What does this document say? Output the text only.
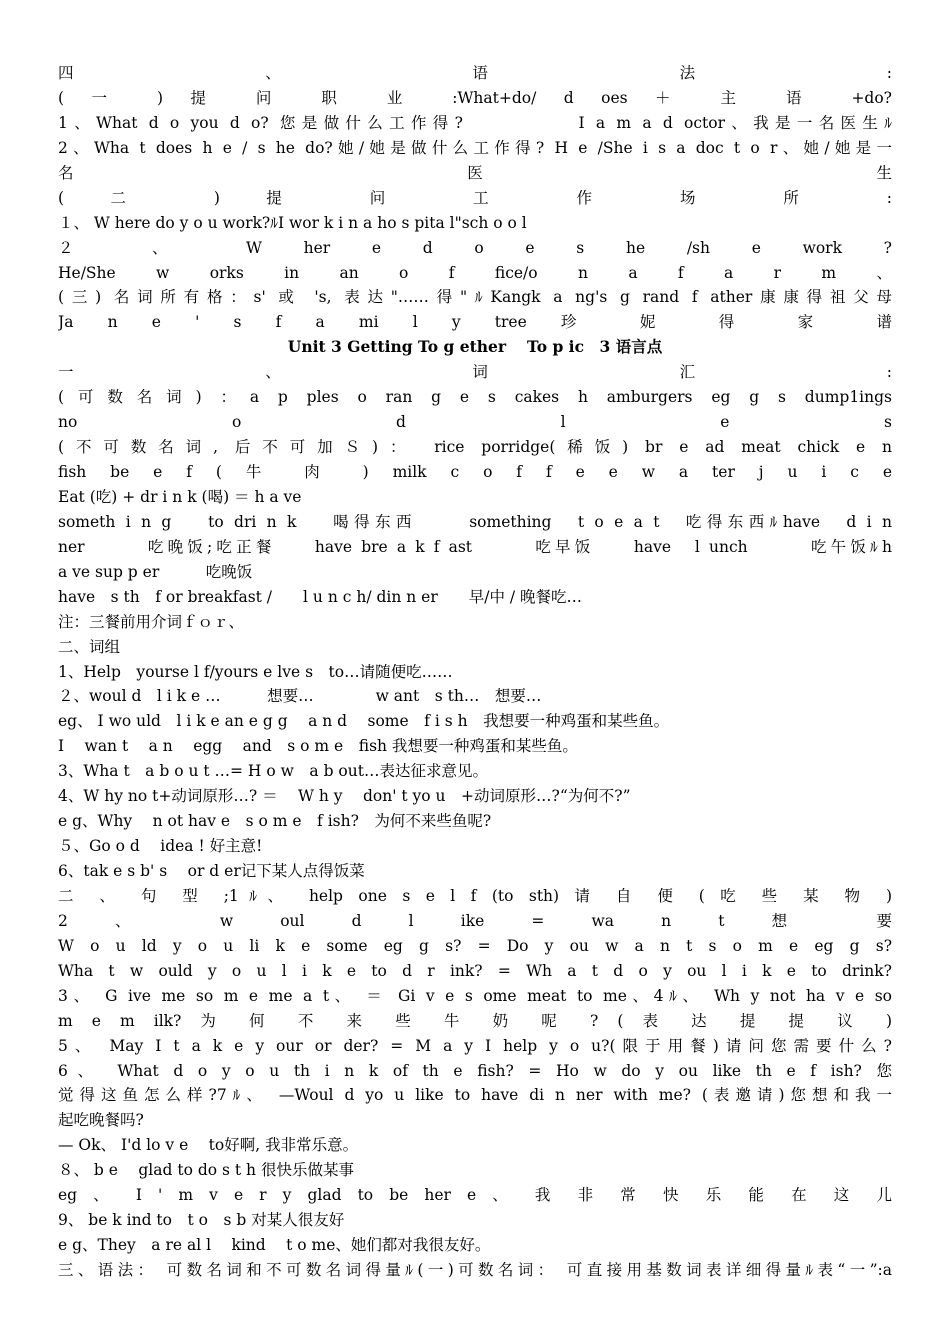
四 、 语 法 :
( 一 ) 提 问 职 业 :What+do/ d oes ＋ 主 语 +do?
1、What d o you d o? 您是做什么工作得?　　　　　I a m a d octor、我是一名医生ﾙ
2、Wha t does h e / s he do?她/她是做什么工作得? H e /She i s a doc t o r、她/她是一
名 医 生
( 二 ) 提 问 工 作 场 所 :
１、 W here do y o u work?ﾙI wor k i n a ho s pita l"sch o o l
２ 、 W her e d o e s he /sh e work ?
He/She w orks in an o f fice/o n a f a r m 、
(三) 名词所有格：s' 或 's, 表达"……得"ﾙKangk a ng's g rand f ather康康得祖父母
Ja n e ' s f a mi l y tree 珍 妮 得 家 谱
Unit 3 Getting To g ether　 To p ic　3 语言点
一 、 词 汇 :
(可数名词) ：a p ples o ran g e s cakes h amburgers eg g s dump1ings
no o d l e s
(不可数名词, 后不可加Ｓ)： rice porridge(稀饭) br e ad meat chick e n
fish be e f ( 牛 肉 ) milk c o f f e e w a ter j u i c e
Eat (吃) + dr i n k (喝) ＝ h a ve
someth i n g　 to dri n k　 喝得东西　　 something　t o e a t　吃得东西ﾙhave　d i n
ner　　　吃晚饭;吃正餐　　have bre a k f ast　　　吃早饭　　have　l unch　　　吃午饭ﾙh
a ve sup p er　　　吃晚饭
have　s th　f or breakfast /　　l u n c h/ din n er　　早/中 / 晚餐吃…
注：三餐前用介词ｆｏｒ、
二、词组
1、Help　yourse l f/yours e lve s　to…请随便吃……
２、woul d　l i k e …　　　想要…　　　　w ant　s th…　想要…
eg、 I wo uld　l i k e an e g g　 a n d　 some　f i s h　我想要一种鸡蛋和某些鱼。
I　 wan t　 a n　 egg　 and　s o m e　fish 我想要一种鸡蛋和某些鱼。
3、Wha t　a b o u t …= H o w　a b out…表达征求意见。
4、W hy no t+动词原形…? ＝　 W h y　 don' t yo u　+动词原形…?“为何不?”
e g、Why　 n ot hav e　s o m e　f ish?　为何不来些鱼呢?
５、Go o d　 idea ! 好主意!
6、tak e s b' s　 or d er记下某人点得饭菜
二 、 句 型 ;1ﾙ、 help one s e l f (to sth) 请 自 便 ( 吃 些 某 物 )
2 、 w oul d l ike = wa n t 想 要
W o u ld y o u li k e some eg g s? = Do y ou w a n t s o m e eg g s?
Wha t w ould y o u l i k e to d r ink? = Wh a t d o y ou l i k e to drink?
3、 G ive me so m e me a t、 ＝ Gi v e s ome meat to me、4ﾙ、 Wh y not ha v e so
m e m ilk? 为 何 不 来 些 牛 奶 呢 ? ( 表 达 提 提 议 )
5、 May I t a k e y our or der? = M a y I help y o u?(限于用餐)请问您需要什么?
6、 What d o y o u th i n k of th e fish? = Ho w do y ou like th e f ish? 您
觉得这鱼怎么样?7ﾙ、 —Woul d yo u like to have di n ner with me? (表邀请)您想和我一
起吃晚餐吗?
— Ok、 I'd lo v e　 to好啊, 我非常乐意。
８、 b e　 glad to do s t h 很快乐做某事
eg 、 I ' m v e r y glad to be her e 、 我 非 常 快 乐 能 在 这 儿
9、 be k ind to　t o　s b 对某人很友好
e g、They　a re al l　 kind　 t o me、她们都对我很友好。
三、语法： 可数名词和不可数名词得量ﾙ(一)可数名词： 可直接用基数词表详细得量ﾙ表“一”:a
